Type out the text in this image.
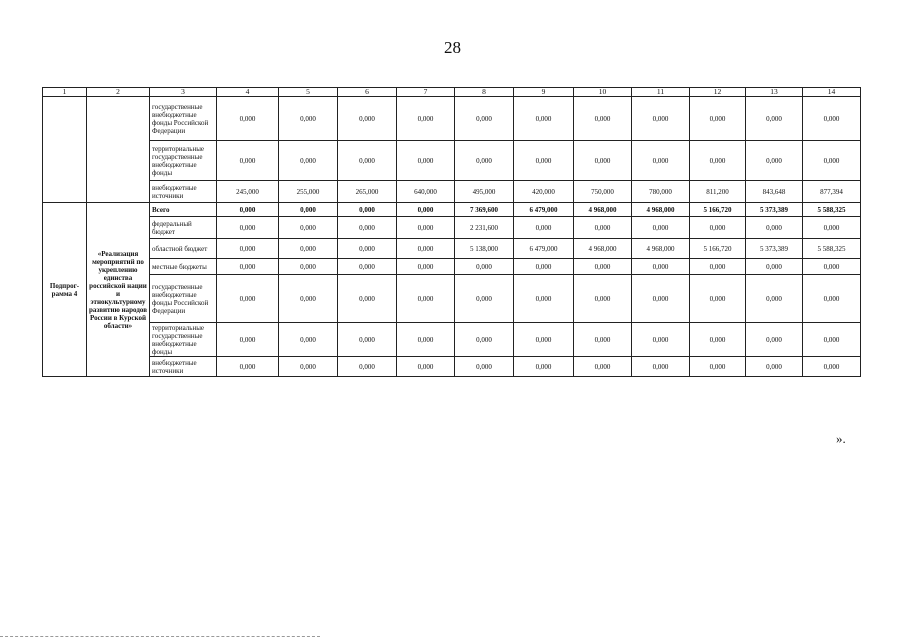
28
1	2	3	4	5	6	7	8	9	10	11	12	13	14
		государственные внебюджетные фонды Российской Федерации	0,000	0,000	0,000	0,000	0,000	0,000	0,000	0,000	0,000	0,000	0,000
		территориальные государственные внебюджетные фонды	0,000	0,000	0,000	0,000	0,000	0,000	0,000	0,000	0,000	0,000	0,000
		внебюджетные источники	245,000	255,000	265,000	640,000	495,000	420,000	750,000	780,000	811,200	843,648	877,394
Подпрог-рамма 4	«Реализация мероприятий по укреплению единства российской нации и этнокультурному развитию народов России в Курской области»	Всего	0,000	0,000	0,000	0,000	7 369,600	6 479,000	4 968,000	4 968,000	5 166,720	5 373,389	5 588,325
		федеральный бюджет	0,000	0,000	0,000	0,000	2 231,600	0,000	0,000	0,000	0,000	0,000	0,000
		областной бюджет	0,000	0,000	0,000	0,000	5 138,000	6 479,000	4 968,000	4 968,000	5 166,720	5 373,389	5 588,325
		местные бюджеты	0,000	0,000	0,000	0,000	0,000	0,000	0,000	0,000	0,000	0,000	0,000
		государственные внебюджетные фонды Российской Федерации	0,000	0,000	0,000	0,000	0,000	0,000	0,000	0,000	0,000	0,000	0,000
		территориальные государственные внебюджетные фонды	0,000	0,000	0,000	0,000	0,000	0,000	0,000	0,000	0,000	0,000	0,000
		внебюджетные источники	0,000	0,000	0,000	0,000	0,000	0,000	0,000	0,000	0,000	0,000	0,000
».
